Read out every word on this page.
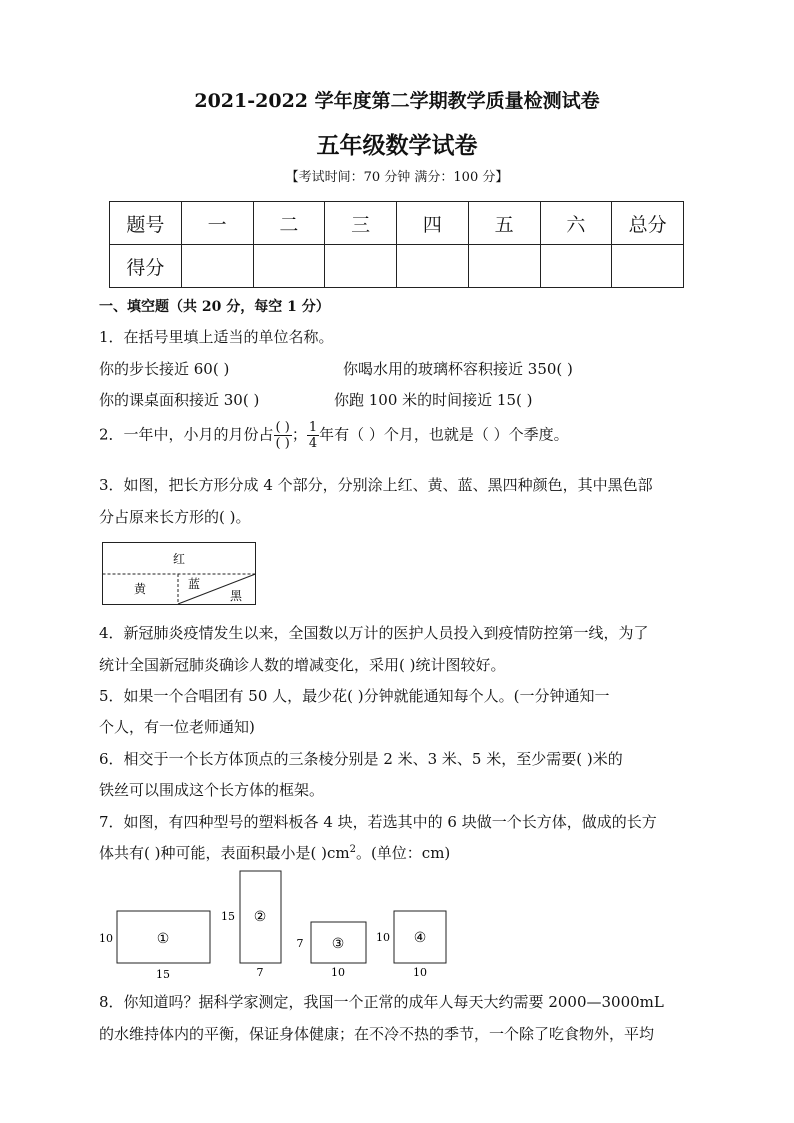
2021-2022 学年度第二学期教学质量检测试卷
五年级数学试卷
【考试时间：70 分钟 满分：100 分】
题号	一	二	三	四	五	六	总分
得分							
一、填空题（共 20 分，每空 1 分）
1．在括号里填上适当的单位名称。
你的步长接近 60( )	你喝水用的玻璃杯容积接近 350( )
你的课桌面积接近 30( )	你跑 100 米的时间接近 15( )
2．一年中，小月的月份占 $\frac{( )}{( )}$ ； $\frac{1}{4}$ 年有（ ）个月，也就是（ ）个季度。
3．如图，把长方形分成 4 个部分，分别涂上红、黄、蓝、黑四种颜色，其中黑色部
分占原来长方形的( )。
红
黄	蓝
黑
4．新冠肺炎疫情发生以来，全国数以万计的医护人员投入到疫情防控第一线，为了
统计全国新冠肺炎确诊人数的增减变化，采用( )统计图较好。
5．如果一个合唱团有 50 人，最少花( )分钟就能通知每个人。(一分钟通知一
个人，有一位老师通知)
6．相交于一个长方体顶点的三条棱分别是 2 米、3 米、5 米，至少需要( )米的
铁丝可以围成这个长方体的框架。
7．如图，有四种型号的塑料板各 4 块，若选其中的 6 块做一个长方体，做成的长方
体共有( )种可能，表面积最小是( )$cm^2$。(单位：cm)
①
10
15
②
15
7
③
7
10
④
10
10
8．你知道吗？据科学家测定，我国一个正常的成年人每天大约需要 2000—3000mL
的水维持体内的平衡，保证身体健康；在不冷不热的季节，一个除了吃食物外，平均
